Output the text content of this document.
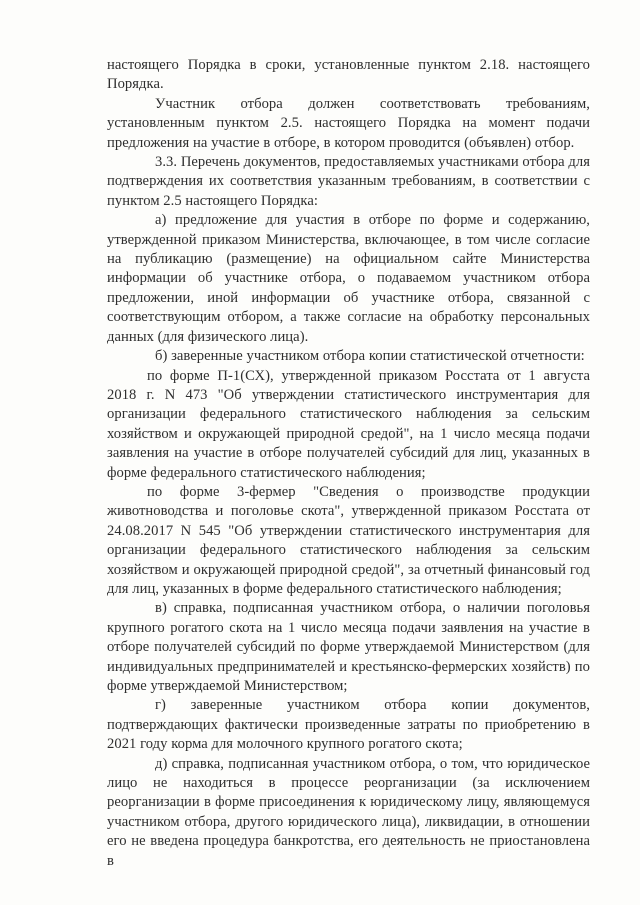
настоящего Порядка в сроки, установленные пунктом 2.18. настоящего Порядка.

Участник отбора должен соответствовать требованиям, установленным пунктом 2.5. настоящего Порядка на момент подачи предложения на участие в отборе, в котором проводится (объявлен) отбор.

3.3. Перечень документов, предоставляемых участниками отбора для подтверждения их соответствия указанным требованиям, в соответствии с пунктом 2.5 настоящего Порядка:

а) предложение для участия в отборе по форме и содержанию, утвержденной приказом Министерства, включающее, в том числе согласие на публикацию (размещение) на официальном сайте Министерства информации об участнике отбора, о подаваемом участником отбора предложении, иной информации об участнике отбора, связанной с соответствующим отбором, а также согласие на обработку персональных данных (для физического лица).

б) заверенные участником отбора копии статистической отчетности:

по форме П-1(СХ), утвержденной приказом Росстата от 1 августа 2018 г. N 473 "Об утверждении статистического инструментария для организации федерального статистического наблюдения за сельским хозяйством и окружающей природной средой", на 1 число месяца подачи заявления на участие в отборе получателей субсидий для лиц, указанных в форме федерального статистического наблюдения;

по форме 3-фермер "Сведения о производстве продукции животноводства и поголовье скота", утвержденной приказом Росстата от 24.08.2017 N 545 "Об утверждении статистического инструментария для организации федерального статистического наблюдения за сельским хозяйством и окружающей природной средой", за отчетный финансовый год для лиц, указанных в форме федерального статистического наблюдения;

в) справка, подписанная участником отбора, о наличии поголовья крупного рогатого скота на 1 число месяца подачи заявления на участие в отборе получателей субсидий по форме утверждаемой Министерством (для индивидуальных предпринимателей и крестьянско-фермерских хозяйств) по форме утверждаемой Министерством;

г) заверенные участником отбора копии документов, подтверждающих фактически произведенные затраты по приобретению в 2021 году корма для молочного крупного рогатого скота;

д) справка, подписанная участником отбора, о том, что юридическое лицо не находиться в процессе реорганизации (за исключением реорганизации в форме присоединения к юридическому лицу, являющемуся участником отбора, другого юридического лица), ликвидации, в отношении его не введена процедура банкротства, его деятельность не приостановлена в
